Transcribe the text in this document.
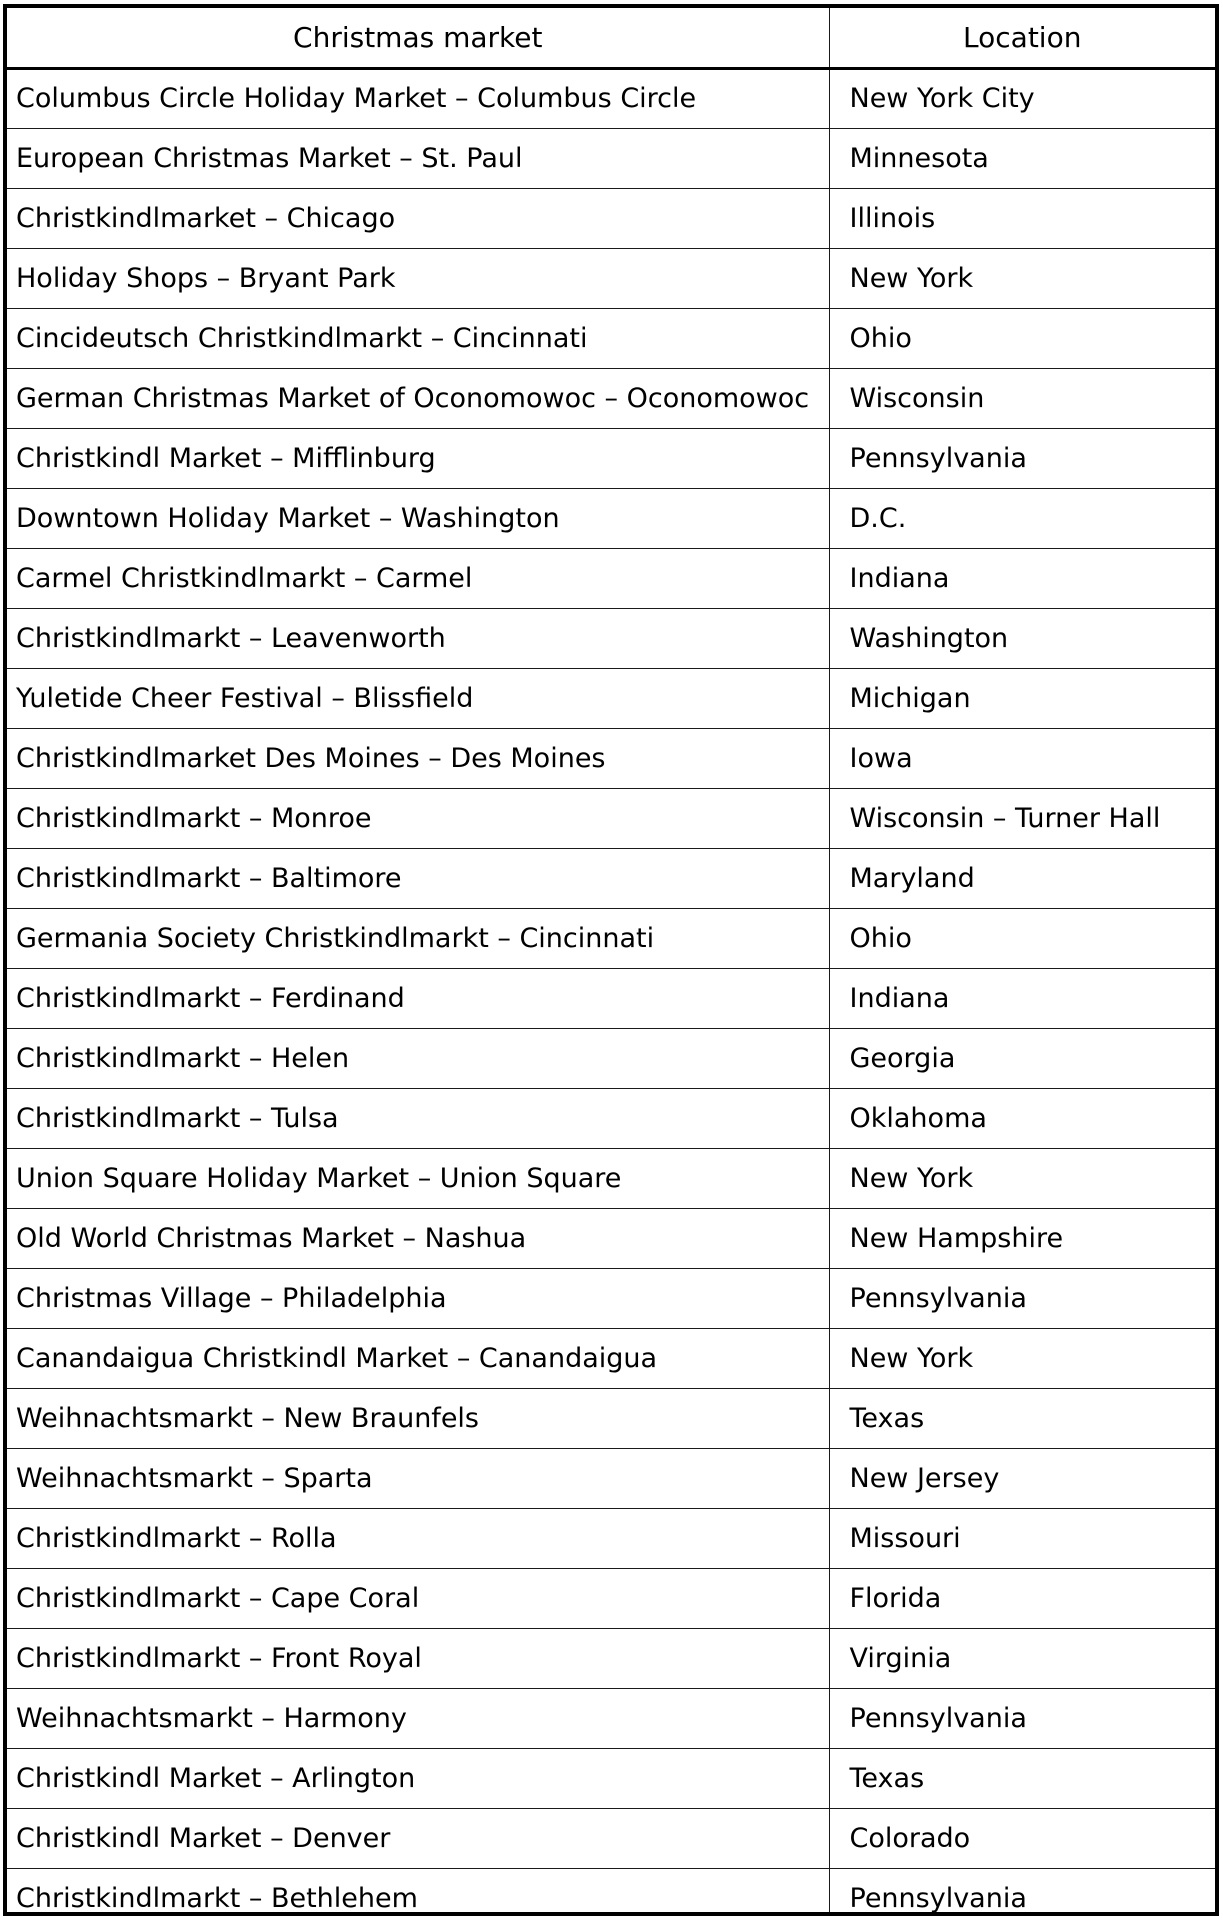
Christmas market	Location
Columbus Circle Holiday Market – Columbus Circle	New York City
European Christmas Market – St. Paul	Minnesota
Christkindlmarket – Chicago	Illinois
Holiday Shops – Bryant Park	New York
Cincideutsch Christkindlmarkt – Cincinnati	Ohio
German Christmas Market of Oconomowoc – Oconomowoc	Wisconsin
Christkindl Market – Mifflinburg	Pennsylvania
Downtown Holiday Market – Washington	D.C.
Carmel Christkindlmarkt – Carmel	Indiana
Christkindlmarkt – Leavenworth	Washington
Yuletide Cheer Festival – Blissfield	Michigan
Christkindlmarket Des Moines – Des Moines	Iowa
Christkindlmarkt – Monroe	Wisconsin – Turner Hall
Christkindlmarkt – Baltimore	Maryland
Germania Society Christkindlmarkt – Cincinnati	Ohio
Christkindlmarkt – Ferdinand	Indiana
Christkindlmarkt – Helen	Georgia
Christkindlmarkt – Tulsa	Oklahoma
Union Square Holiday Market – Union Square	New York
Old World Christmas Market – Nashua	New Hampshire
Christmas Village – Philadelphia	Pennsylvania
Canandaigua Christkindl Market – Canandaigua	New York
Weihnachtsmarkt – New Braunfels	Texas
Weihnachtsmarkt – Sparta	New Jersey
Christkindlmarkt – Rolla	Missouri
Christkindlmarkt – Cape Coral	Florida
Christkindlmarkt – Front Royal	Virginia
Weihnachtsmarkt – Harmony	Pennsylvania
Christkindl Market – Arlington	Texas
Christkindl Market – Denver	Colorado
Christkindlmarkt – Bethlehem	Pennsylvania
